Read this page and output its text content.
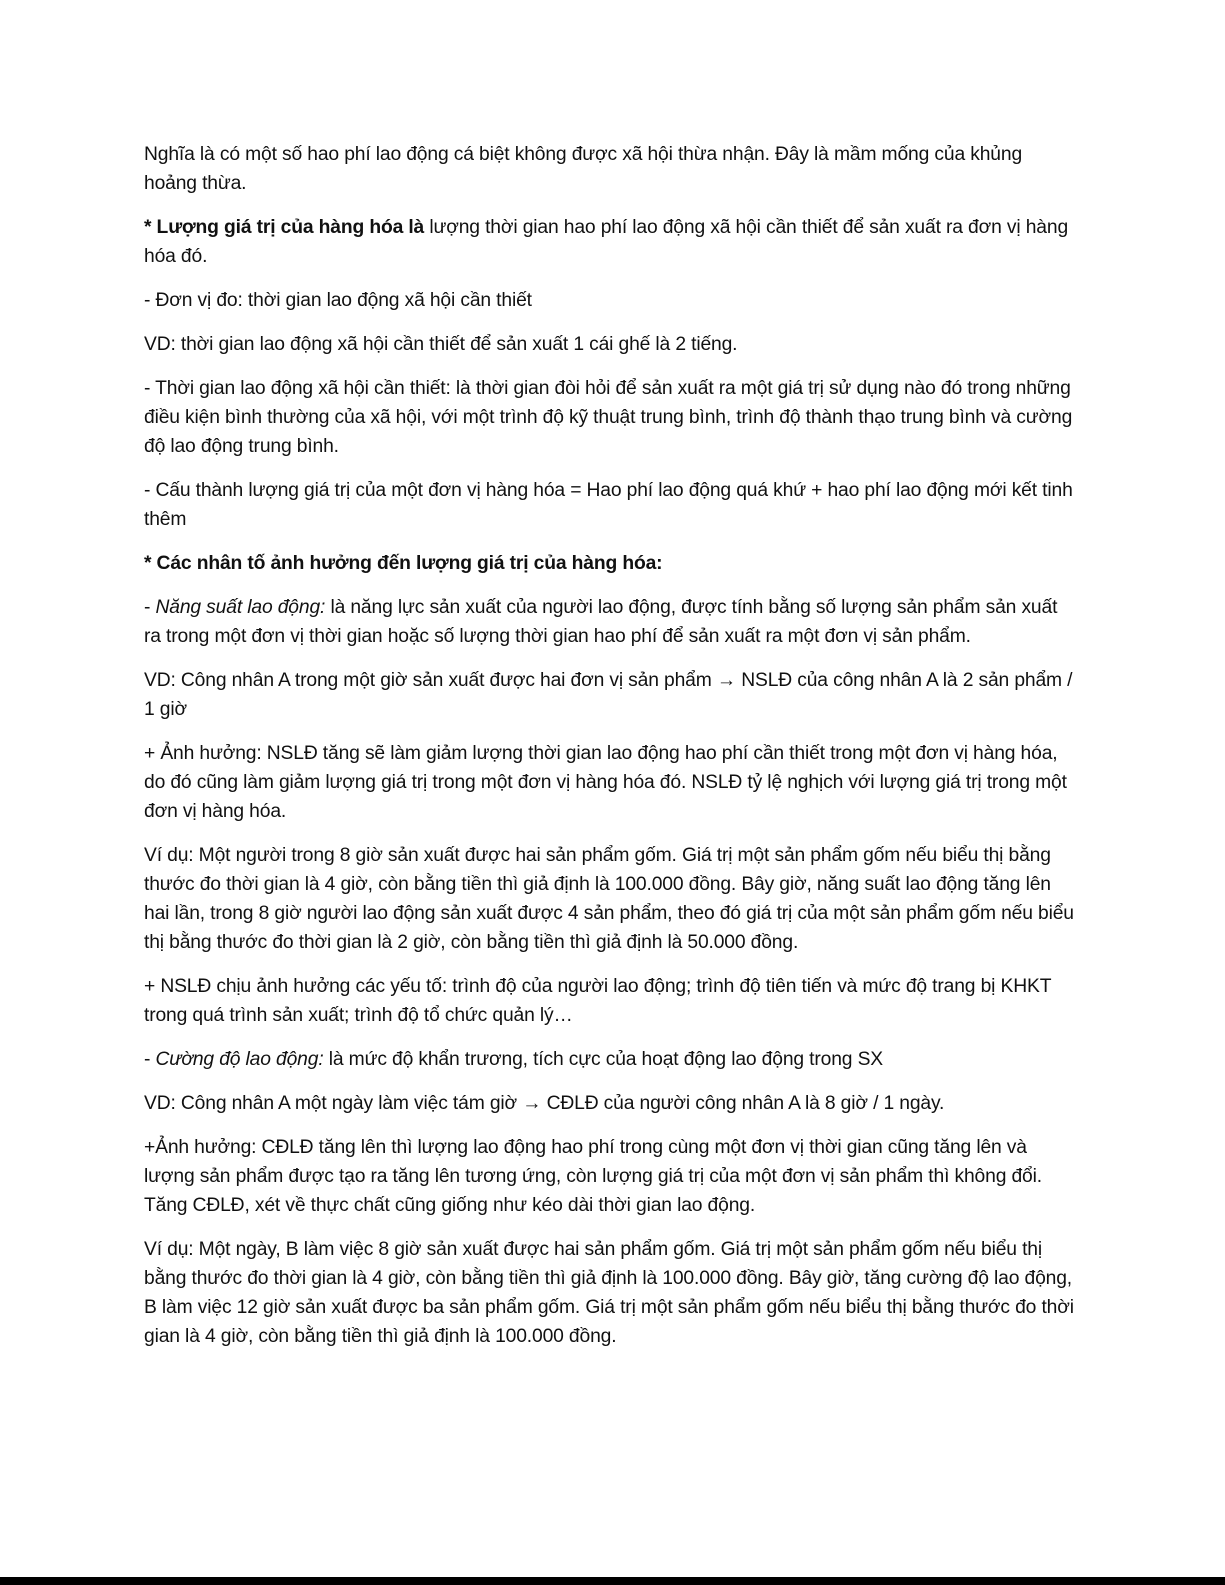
Nghĩa là có một số hao phí lao động cá biệt không được xã hội thừa nhận. Đây là mầm mống của khủng hoảng thừa.

* Lượng giá trị của hàng hóa là lượng thời gian hao phí lao động xã hội cần thiết để sản xuất ra đơn vị hàng hóa đó.

- Đơn vị đo: thời gian lao động xã hội cần thiết

VD: thời gian lao động xã hội cần thiết để sản xuất 1 cái ghế là 2 tiếng.

- Thời gian lao động xã hội cần thiết: là thời gian đòi hỏi để sản xuất ra một giá trị sử dụng nào đó trong những điều kiện bình thường của xã hội, với một trình độ kỹ thuật trung bình, trình độ thành thạo trung bình và cường độ lao động trung bình.

- Cấu thành lượng giá trị của một đơn vị hàng hóa = Hao phí lao động quá khứ + hao phí lao động mới kết tinh thêm

* Các nhân tố ảnh hưởng đến lượng giá trị của hàng hóa:

- Năng suất lao động: là năng lực sản xuất của người lao động, được tính bằng số lượng sản phẩm sản xuất ra trong một đơn vị thời gian hoặc số lượng thời gian hao phí để sản xuất ra một đơn vị sản phẩm.

VD: Công nhân A trong một giờ sản xuất được hai đơn vị sản phẩm → NSLĐ của công nhân A là 2 sản phẩm / 1 giờ

+ Ảnh hưởng: NSLĐ tăng sẽ làm giảm lượng thời gian lao động hao phí cần thiết trong một đơn vị hàng hóa, do đó cũng làm giảm lượng giá trị trong một đơn vị hàng hóa đó. NSLĐ tỷ lệ nghịch với lượng giá trị trong một đơn vị hàng hóa.

Ví dụ: Một người trong 8 giờ sản xuất được hai sản phẩm gốm. Giá trị một sản phẩm gốm nếu biểu thị bằng thước đo thời gian là 4 giờ, còn bằng tiền thì giả định là 100.000 đồng. Bây giờ, năng suất lao động tăng lên hai lần, trong 8 giờ người lao động sản xuất được 4 sản phẩm, theo đó giá trị của một sản phẩm gốm nếu biểu thị bằng thước đo thời gian là 2 giờ, còn bằng tiền thì giả định là 50.000 đồng.

+ NSLĐ chịu ảnh hưởng các yếu tố: trình độ của người lao động; trình độ tiên tiến và mức độ trang bị KHKT trong quá trình sản xuất; trình độ tổ chức quản lý…

- Cường độ lao động: là mức độ khẩn trương, tích cực của hoạt động lao động trong SX

VD: Công nhân A một ngày làm việc tám giờ → CĐLĐ của người công nhân A là 8 giờ / 1 ngày.

+Ảnh hưởng: CĐLĐ tăng lên thì lượng lao động hao phí trong cùng một đơn vị thời gian cũng tăng lên và lượng sản phẩm được tạo ra tăng lên tương ứng, còn lượng giá trị của một đơn vị sản phẩm thì không đổi. Tăng CĐLĐ, xét về thực chất cũng giống như kéo dài thời gian lao động.

Ví dụ: Một ngày, B làm việc 8 giờ sản xuất được hai sản phẩm gốm. Giá trị một sản phẩm gốm nếu biểu thị bằng thước đo thời gian là 4 giờ, còn bằng tiền thì giả định là 100.000 đồng. Bây giờ, tăng cường độ lao động, B làm việc 12 giờ sản xuất được ba sản phẩm gốm. Giá trị một sản phẩm gốm nếu biểu thị bằng thước đo thời gian là 4 giờ, còn bằng tiền thì giả định là 100.000 đồng.
